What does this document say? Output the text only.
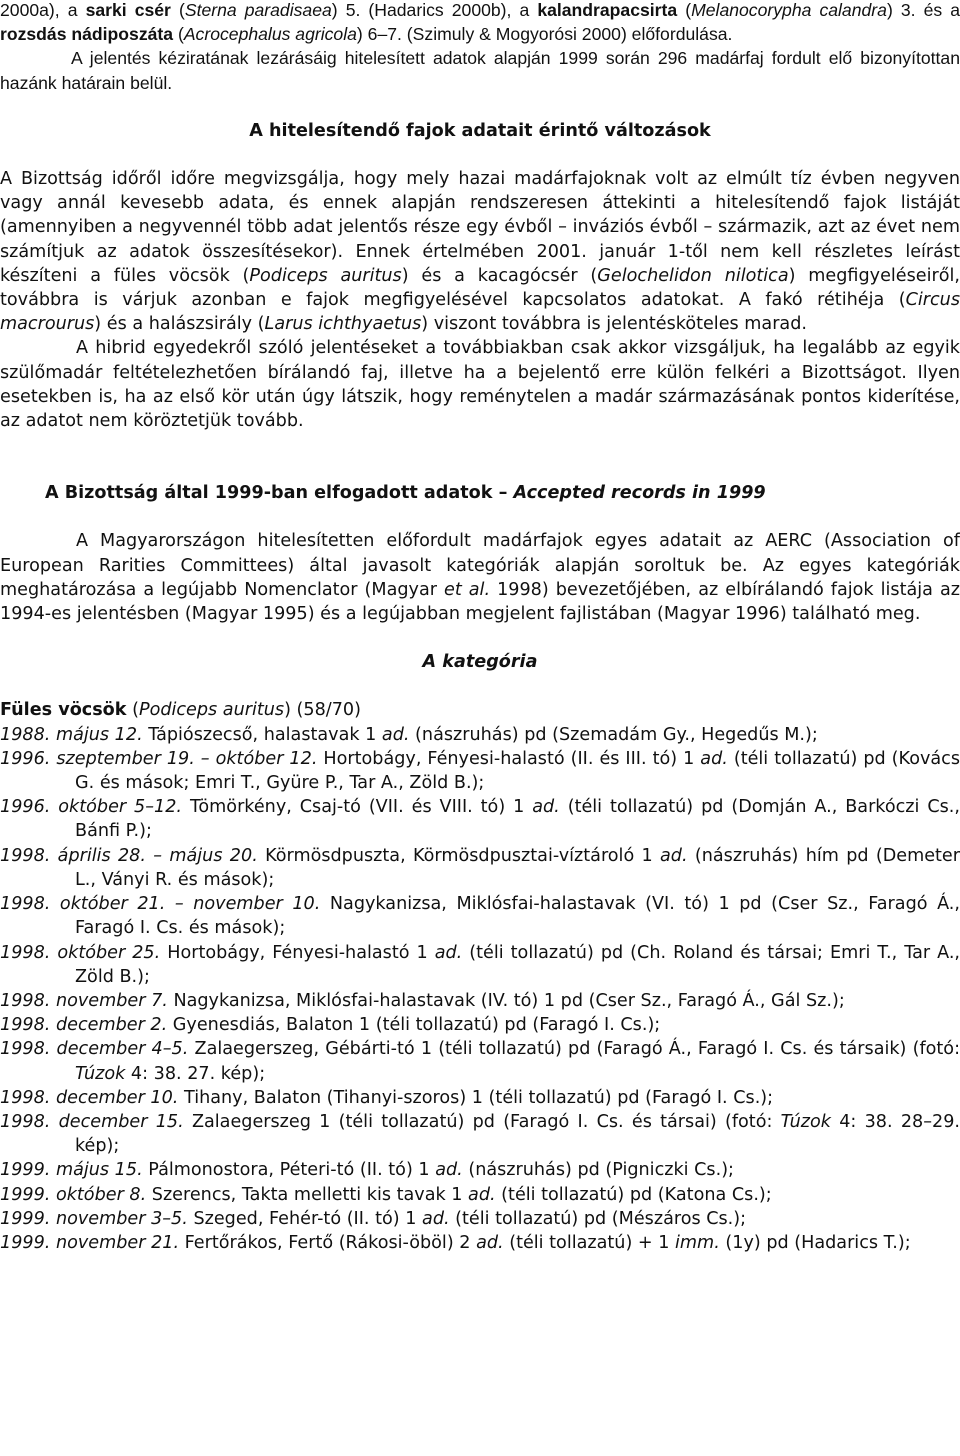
2000a), a sarki csér (Sterna paradisaea) 5. (Hadarics 2000b), a kalandrapacsirta (Melanocorypha calandra) 3. és a rozsdás nádiposzáta (Acrocephalus agricola) 6–7. (Szimuly & Mogyorósi 2000) előfordulása.

A jelentés kéziratának lezárásáig hitelesített adatok alapján 1999 során 296 madárfaj fordult elő bizonyítottan hazánk határain belül.

A hitelesítendő fajok adatait érintő változások

A Bizottság időről időre megvizsgálja, hogy mely hazai madárfajoknak volt az elmúlt tíz évben negyven vagy annál kevesebb adata, és ennek alapján rendszeresen áttekinti a hitelesítendő fajok listáját (amennyiben a negyvennél több adat jelentős része egy évből – inváziós évből – származik, azt az évet nem számítjuk az adatok összesítésekor). Ennek értelmében 2001. január 1-től nem kell részletes leírást készíteni a füles vöcsök (Podiceps auritus) és a kacagócsér (Gelochelidon nilotica) megfigyeléseiről, továbbra is várjuk azonban e fajok megfigyelésével kapcsolatos adatokat. A fakó rétihéja (Circus macrourus) és a halászsirály (Larus ichthyaetus) viszont továbbra is jelentésköteles marad.

A hibrid egyedekről szóló jelentéseket a továbbiakban csak akkor vizsgáljuk, ha legalább az egyik szülőmadár feltételezhetően bírálandó faj, illetve ha a bejelentő erre külön felkéri a Bizottságot. Ilyen esetekben is, ha az első kör után úgy látszik, hogy reménytelen a madár származásának pontos kiderítése, az adatot nem köröztetjük tovább.

A Bizottság által 1999-ban elfogadott adatok – Accepted records in 1999

A Magyarországon hitelesítetten előfordult madárfajok egyes adatait az AERC (Association of European Rarities Committees) által javasolt kategóriák alapján soroltuk be. Az egyes kategóriák meghatározása a legújabb Nomenclator (Magyar et al. 1998) bevezetőjében, az elbírálandó fajok listája az 1994-es jelentésben (Magyar 1995) és a legújabban megjelent fajlistában (Magyar 1996) található meg.

A kategória

Füles vöcsök (Podiceps auritus) (58/70)

1988. május 12. Tápiószecső, halastavak 1 ad. (nászruhás) pd (Szemadám Gy., Hegedűs M.);
1996. szeptember 19. – október 12. Hortobágy, Fényesi-halastó (II. és III. tó) 1 ad. (téli tollazatú) pd (Kovács G. és mások; Emri T., Gyüre P., Tar A., Zöld B.);
1996. október 5–12. Tömörkény, Csaj-tó (VII. és VIII. tó) 1 ad. (téli tollazatú) pd (Domján A., Barkóczi Cs., Bánfi P.);
1998. április 28. – május 20. Körmösdpuszta, Körmösdpusztai-víztároló 1 ad. (nászruhás) hím pd (Demeter L., Ványi R. és mások);
1998. október 21. – november 10. Nagykanizsa, Miklósfai-halastavak (VI. tó) 1 pd (Cser Sz., Faragó Á., Faragó I. Cs. és mások);
1998. október 25. Hortobágy, Fényesi-halastó 1 ad. (téli tollazatú) pd (Ch. Roland és társai; Emri T., Tar A., Zöld B.);
1998. november 7. Nagykanizsa, Miklósfai-halastavak (IV. tó) 1 pd (Cser Sz., Faragó Á., Gál Sz.);
1998. december 2. Gyenesdiás, Balaton 1 (téli tollazatú) pd (Faragó I. Cs.);
1998. december 4–5. Zalaegerszeg, Gébárti-tó 1 (téli tollazatú) pd (Faragó Á., Faragó I. Cs. és társaik) (fotó: Túzok 4: 38. 27. kép);
1998. december 10. Tihany, Balaton (Tihanyi-szoros) 1 (téli tollazatú) pd (Faragó I. Cs.);
1998. december 15. Zalaegerszeg 1 (téli tollazatú) pd (Faragó I. Cs. és társai) (fotó: Túzok 4: 38. 28–29. kép);
1999. május 15. Pálmonostora, Péteri-tó (II. tó) 1 ad. (nászruhás) pd (Pigniczki Cs.);
1999. október 8. Szerencs, Takta melletti kis tavak 1 ad. (téli tollazatú) pd (Katona Cs.);
1999. november 3–5. Szeged, Fehér-tó (II. tó) 1 ad. (téli tollazatú) pd (Mészáros Cs.);
1999. november 21. Fertőrákos, Fertő (Rákosi-öböl) 2 ad. (téli tollazatú) + 1 imm. (1y) pd (Hadarics T.);
